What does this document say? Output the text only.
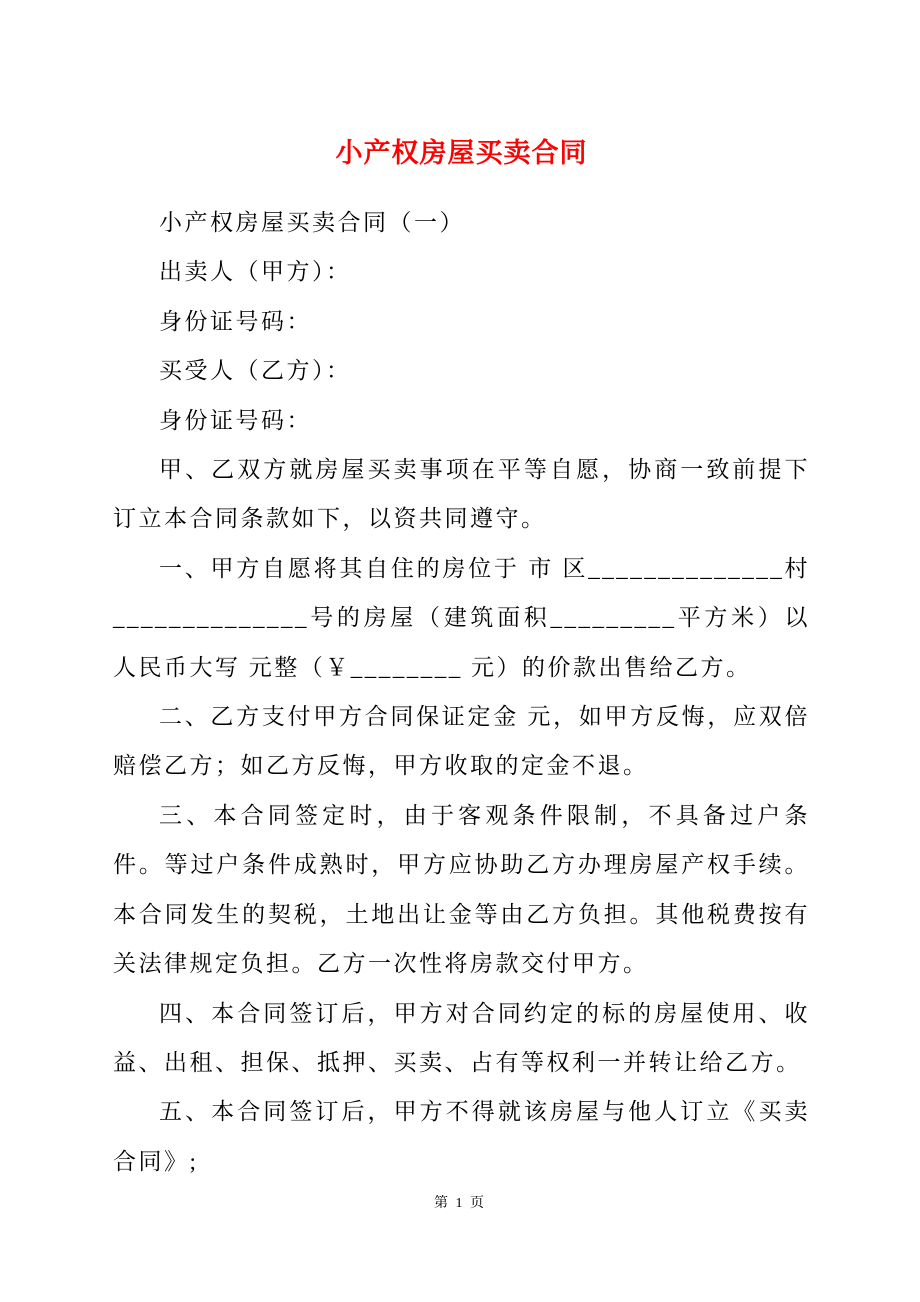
小产权房屋买卖合同

小产权房屋买卖合同（一）

出卖人（甲方）：

身份证号码：

买受人（乙方）：

身份证号码：

甲、乙双方就房屋买卖事项在平等自愿，协商一致前提下订立本合同条款如下，以资共同遵守。

一、甲方自愿将其自住的房位于 市 区______________村______________号的房屋（建筑面积_________平方米）以人民币大写 元整（￥________ 元）的价款出售给乙方。

二、乙方支付甲方合同保证定金 元，如甲方反悔，应双倍赔偿乙方；如乙方反悔，甲方收取的定金不退。

三、本合同签定时，由于客观条件限制，不具备过户条件。等过户条件成熟时，甲方应协助乙方办理房屋产权手续。本合同发生的契税，土地出让金等由乙方负担。其他税费按有关法律规定负担。乙方一次性将房款交付甲方。

四、本合同签订后，甲方对合同约定的标的房屋使用、收益、出租、担保、抵押、买卖、占有等权利一并转让给乙方。

五、本合同签订后，甲方不得就该房屋与他人订立《买卖合同》;

第 1 页
